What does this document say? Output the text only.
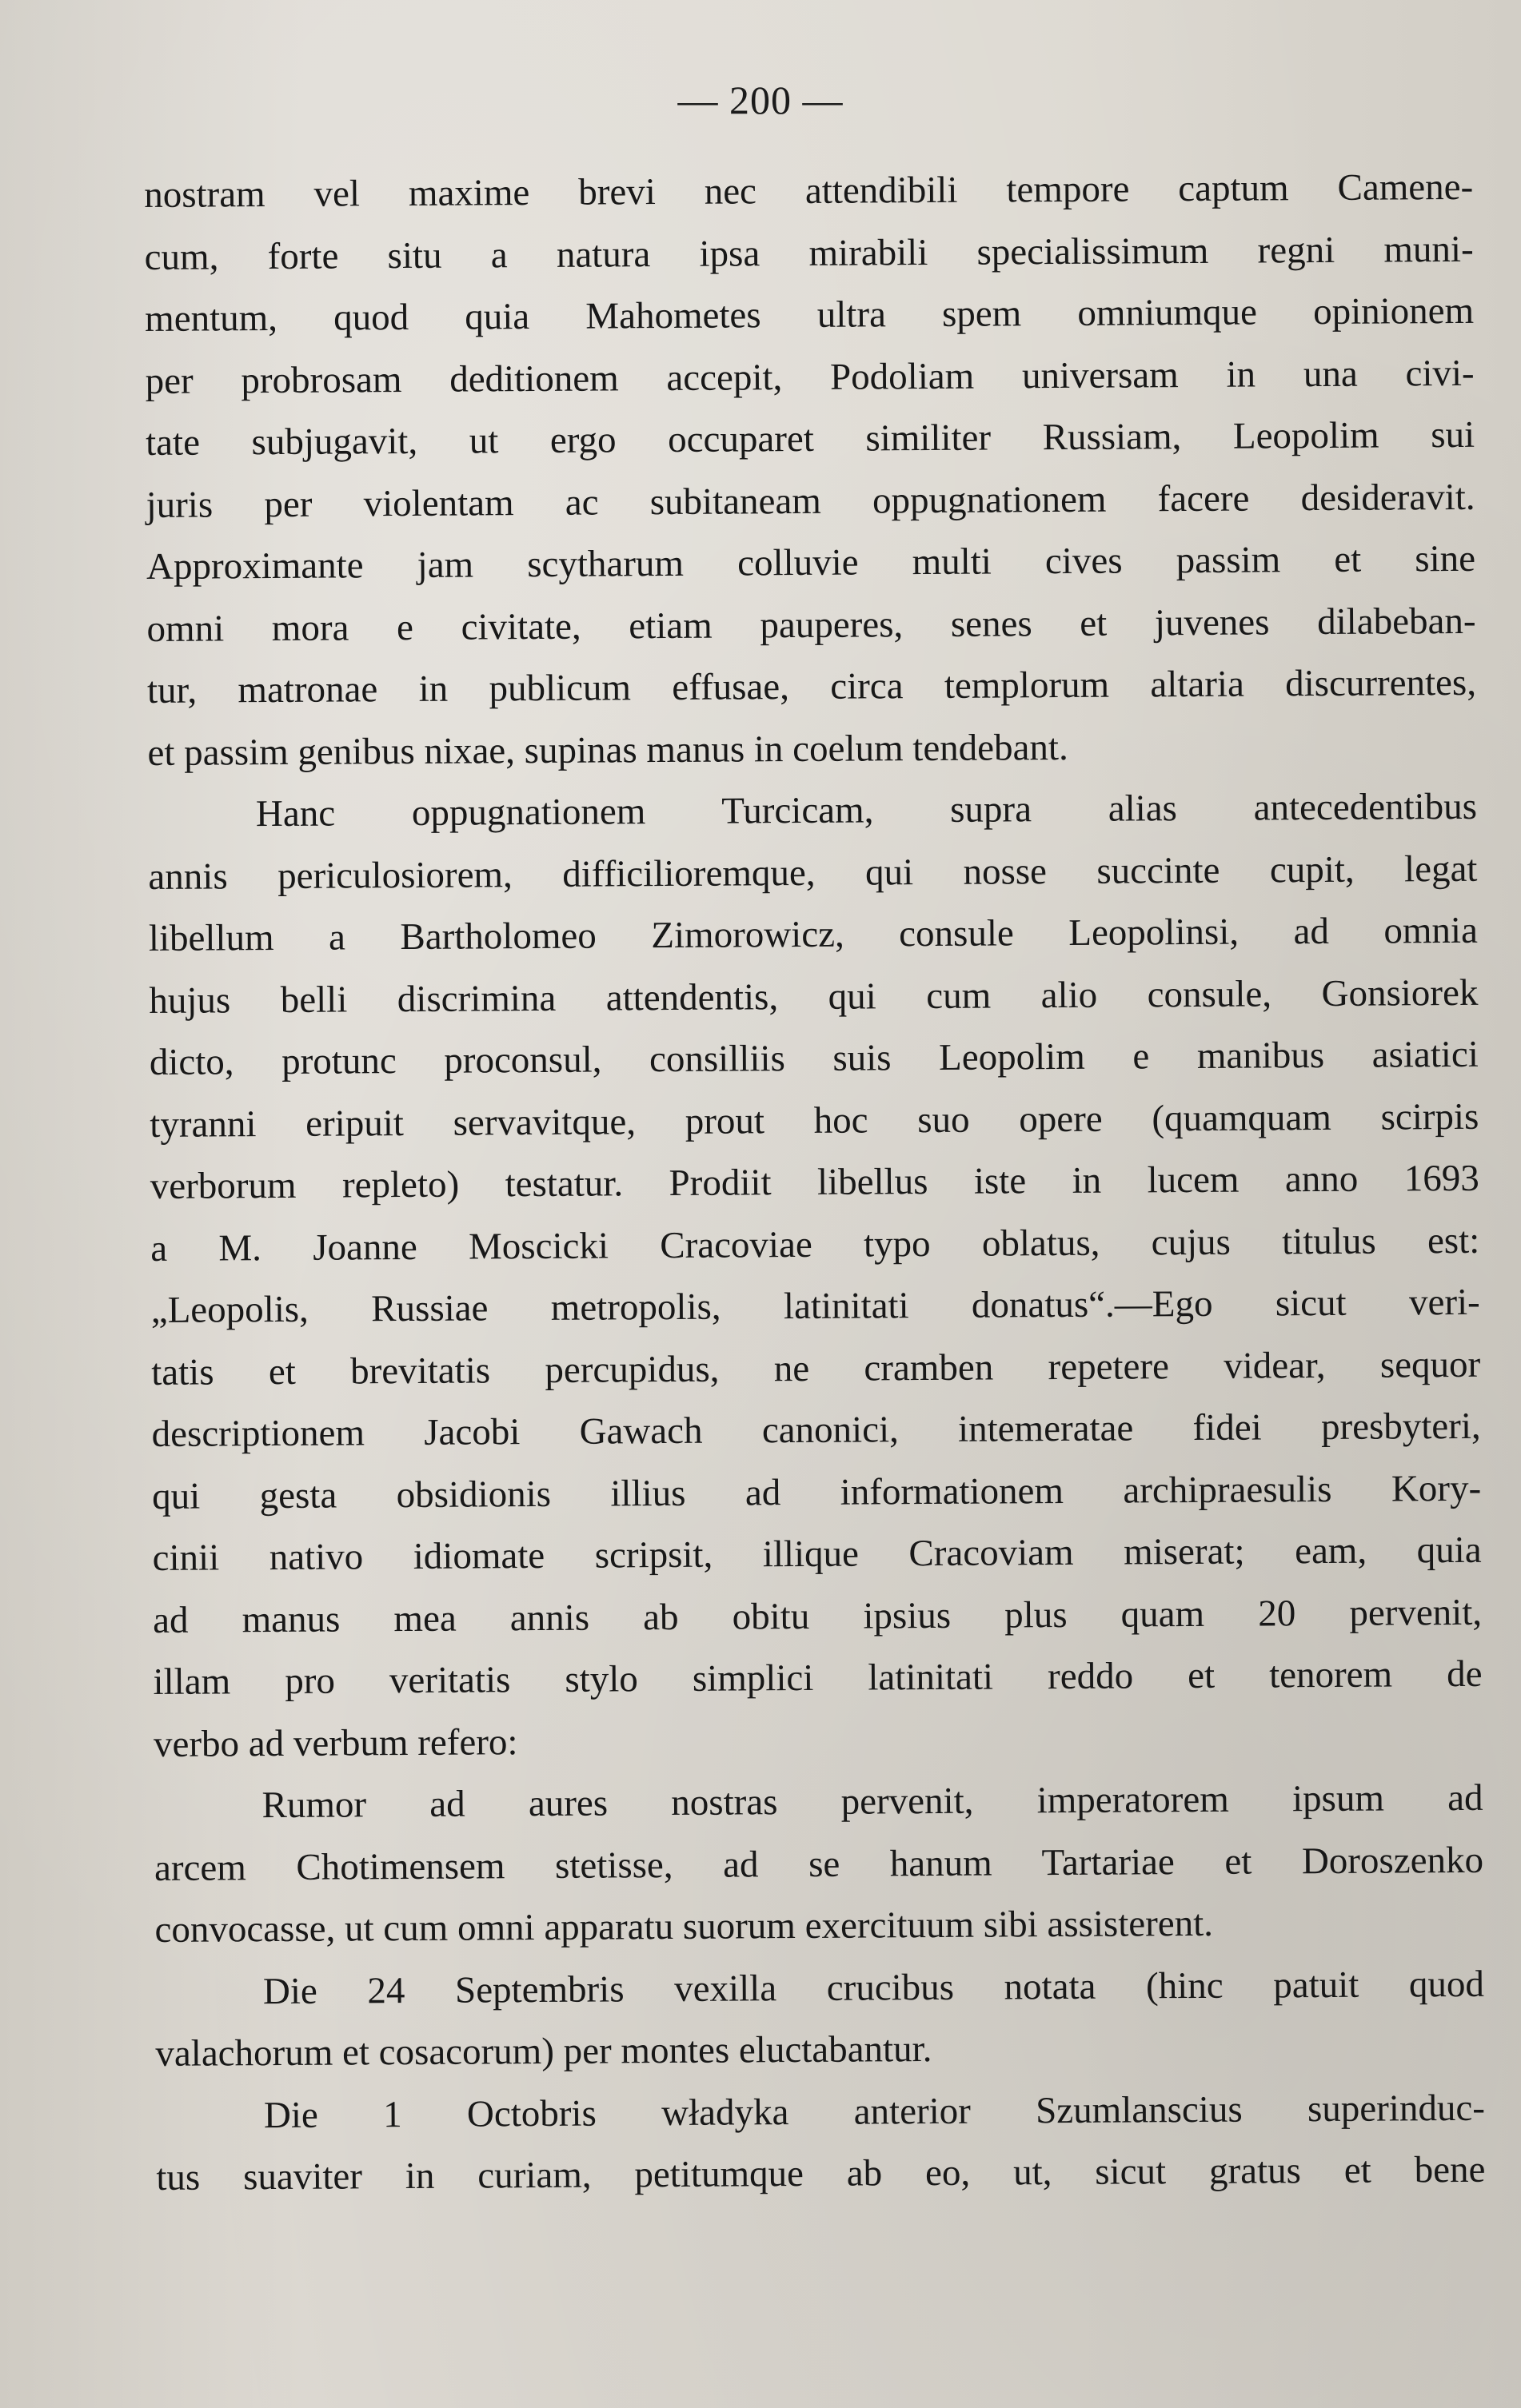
— 200 —
nostram vel maxime brevi nec attendibili tempore captum Camene-
cum, forte situ a natura ipsa mirabili specialissimum regni muni-
mentum, quod quia Mahometes ultra spem omniumque opinionem
per probrosam deditionem accepit, Podoliam universam in una civi-
tate subjugavit, ut ergo occuparet similiter Russiam, Leopolim sui
juris per violentam ac subitaneam oppugnationem facere desideravit.
Approximante jam scytharum colluvie multi cives passim et sine
omni mora e civitate, etiam pauperes, senes et juvenes dilabeban-
tur, matronae in publicum effusae, circa templorum altaria discurrentes,
et passim genibus nixae, supinas manus in coelum tendebant.
Hanc oppugnationem Turcicam, supra alias antecedentibus
annis periculosiorem, difficilioremque, qui nosse succinte cupit, legat
libellum a Bartholomeo Zimorowicz, consule Leopolinsi, ad omnia
hujus belli discrimina attendentis, qui cum alio consule, Gonsiorek
dicto, protunc proconsul, consilliis suis Leopolim e manibus asiatici
tyranni eripuit servavitque, prout hoc suo opere (quamquam scirpis
verborum repleto) testatur. Prodiit libellus iste in lucem anno 1693
a M. Joanne Moscicki Cracoviae typo oblatus, cujus titulus est:
„Leopolis, Russiae metropolis, latinitati donatus“.—Ego sicut veri-
tatis et brevitatis percupidus, ne cramben repetere videar, sequor
descriptionem Jacobi Gawach canonici, intemeratae fidei presbyteri,
qui gesta obsidionis illius ad informationem archipraesulis Kory-
cinii nativo idiomate scripsit, illique Cracoviam miserat; eam, quia
ad manus mea annis ab obitu ipsius plus quam 20 pervenit,
illam pro veritatis stylo simplici latinitati reddo et tenorem de
verbo ad verbum refero:
Rumor ad aures nostras pervenit, imperatorem ipsum ad
arcem Chotimensem stetisse, ad se hanum Tartariae et Doroszenko
convocasse, ut cum omni apparatu suorum exercituum sibi assisterent.
Die 24 Septembris vexilla crucibus notata (hinc patuit quod
valachorum et cosacorum) per montes eluctabantur.
Die 1 Octobris władyka anterior Szumlanscius superinduc-
tus suaviter in curiam, petitumque ab eo, ut, sicut gratus et bene
